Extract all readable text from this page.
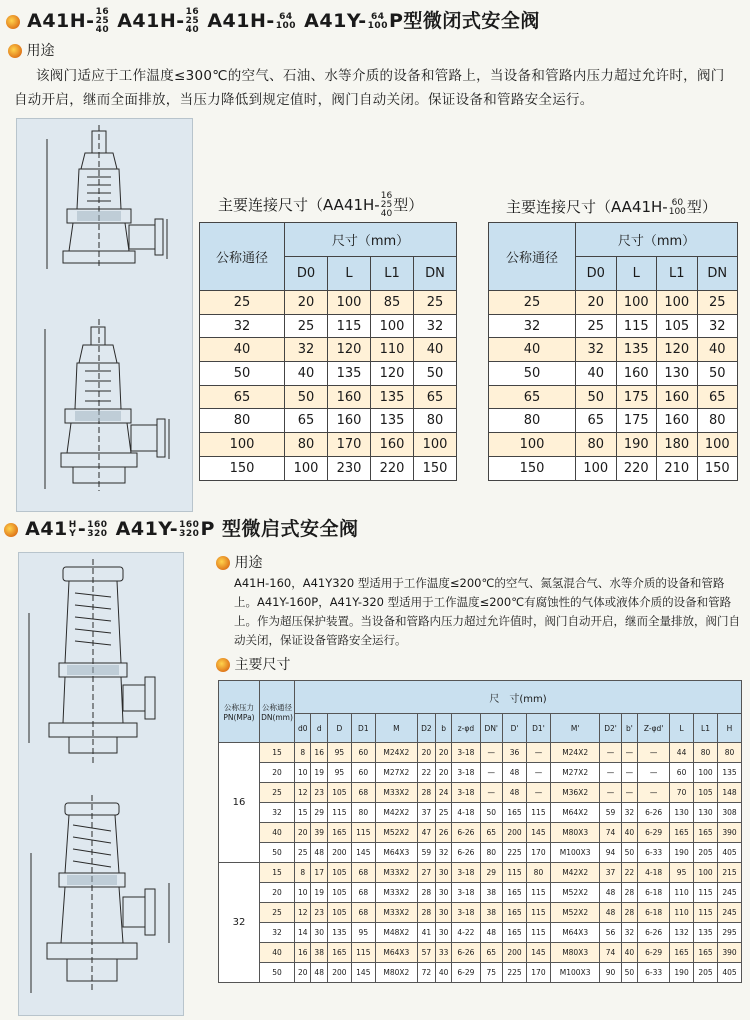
A41H- 16
25
40 A41H- 16
25
40 A41H- 64
100 A41Y- 64
100 P型微闭式安全阀
用途
该阀门适应于工作温度≤300℃的空气、石油、水等介质的设备和管路上，当设备和管路内压力超过允许时，阀门自动开启，继而全面排放，当压力降低到规定值时，阀门自动关闭。保证设备和管路安全运行。
主要连接尺寸（AA41H- 16
25
40 型）
公称通径	尺寸（mm）			
	D0	L	L1	DN
25	20	100	85	25
32	25	115	100	32
40	32	120	110	40
50	40	135	120	50
65	50	160	135	65
80	65	160	135	80
100	80	170	160	100
150	100	230	220	150
主要连接尺寸（AA41H- 60
100 型）
公称通径	尺寸（mm）			
	D0	L	L1	DN
25	20	100	100	25
32	25	115	105	32
40	32	135	120	40
50	40	160	130	50
65	50	175	160	65
80	65	175	160	80
100	80	190	180	100
150	100	220	210	150
A41 H
Y - 160
320 A41Y- 160
320 P 型微启式安全阀
用途
A41H-160，A41Y320 型适用于工作温度≤200℃的空气、氮氢混合气、水等介质的设备和管路上。A41Y-160P，A41Y-320 型适用于工作温度≤200℃有腐蚀性的气体或液体介质的设备和管路上。作为超压保护装置。当设备和管路内压力超过允许值时，阀门自动开启，继而全量排放，阀门自动关闭，保证设备管路安全运行。
主要尺寸
公称压力PN(MPa)	公称通径DN(mm)	尺　寸(mm)																	
		d0	d	D	D1	M	D2	b	z-φd	DN'	D'	D1'	M'	D2'	b'	Z-φd'	L	L1	H
16	15	8	16	95	60	M24X2	20	20	3-18	—	36	—	M24X2	—	—	—	44	80	80
	20	10	19	95	60	M27X2	22	20	3-18	—	48	—	M27X2	—	—	—	60	100	135
	25	12	23	105	68	M33X2	28	24	3-18	—	48	—	M36X2	—	—	—	70	105	148
	32	15	29	115	80	M42X2	37	25	4-18	50	165	115	M64X2	59	32	6-26	130	130	308
	40	20	39	165	115	M52X2	47	26	6-26	65	200	145	M80X3	74	40	6-29	165	165	390
	50	25	48	200	145	M64X3	59	32	6-26	80	225	170	M100X3	94	50	6-33	190	205	405
32	15	8	17	105	68	M33X2	27	30	3-18	29	115	80	M42X2	37	22	4-18	95	100	215
	20	10	19	105	68	M33X2	28	30	3-18	38	165	115	M52X2	48	28	6-18	110	115	245
	25	12	23	105	68	M33X2	28	30	3-18	38	165	115	M52X2	48	28	6-18	110	115	245
	32	14	30	135	95	M48X2	41	30	4-22	48	165	115	M64X3	56	32	6-26	132	135	295
	40	16	38	165	115	M64X3	57	33	6-26	65	200	145	M80X3	74	40	6-29	165	165	390
	50	20	48	200	145	M80X2	72	40	6-29	75	225	170	M100X3	90	50	6-33	190	205	405
